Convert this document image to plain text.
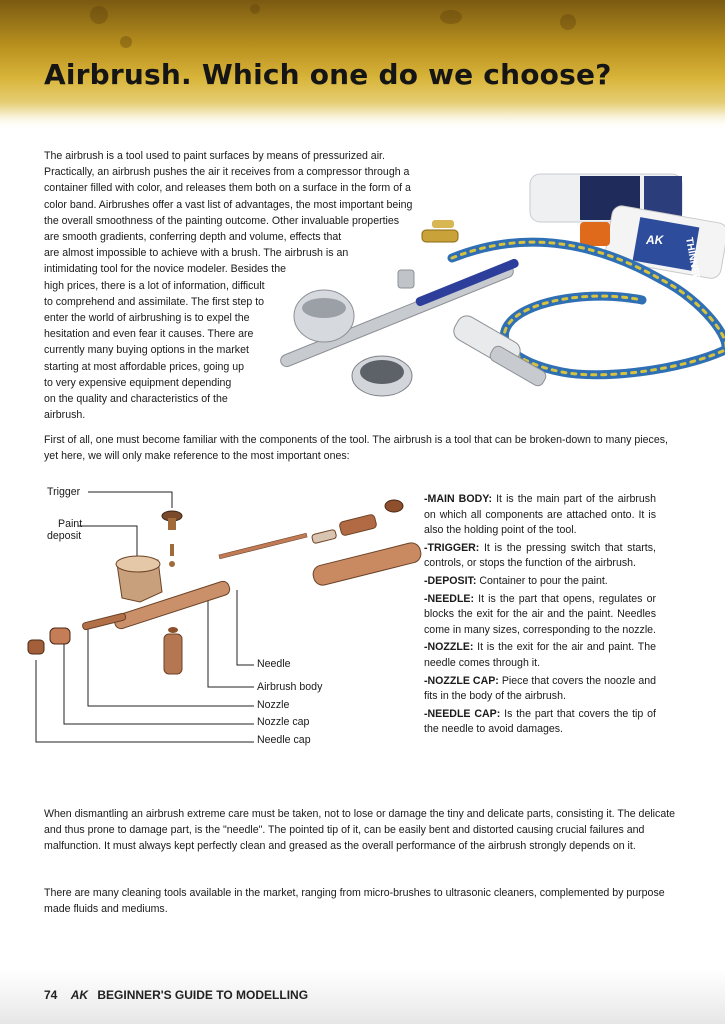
Airbrush. Which one do we choose?
The airbrush is a tool used to paint surfaces by means of pressurized air.
Practically, an airbrush pushes the air it receives from a compressor through a
container filled with color, and releases them both on a surface in the form of a
color band. Airbrushes offer a vast list of advantages, the most important being
the overall smoothness of the painting outcome. Other invaluable properties
are smooth gradients, conferring depth and volume, effects that
are almost impossible to achieve with a brush. The airbrush is an
intimidating tool for the novice modeler. Besides the
high prices, there is a lot of information, difficult
to comprehend and assimilate. The first step to
enter the world of airbrushing is to expel the
hesitation and even fear it causes. There are
currently many buying options in the market
starting at most affordable prices, going up
to very expensive equipment depending
on the quality and characteristics of the
airbrush.
THINNER
AK

First of all, one must become familiar with the components of the tool. The airbrush is a tool that can be broken-down to many pieces, yet here, we will only make reference to the most important ones:

Trigger
Paint
deposit
Needle
Airbrush body
Nozzle
Nozzle cap
Needle cap

-MAIN BODY: It is the main part of the airbrush on which all components are attached onto. It is also the holding point of the tool.

-TRIGGER: It is the pressing switch that starts, controls, or stops the function of the airbrush.

-DEPOSIT: Container to pour the paint.

-NEEDLE: It is the part that opens, regulates or blocks the exit for the air and the paint. Needles come in many sizes, corresponding to the nozzle.

-NOZZLE: It is the exit for the air and paint. The needle comes through it.

-NOZZLE CAP: Piece that covers the noozle and fits in the body of the airbrush.

-NEEDLE CAP: Is the part that covers the tip of the needle to avoid damages.

When dismantling an airbrush extreme care must be taken, not to lose or damage the tiny and delicate parts, consisting it. The delicate and thus prone to damage part, is the "needle". The pointed tip of it, can be easily bent and distorted causing crucial failures and malfunction. It must always kept perfectly clean and greased as the overall performance of the airbrush strongly depends on it.

There are many cleaning tools available in the market, ranging from micro-brushes to ultrasonic cleaners, complemented by purpose made fluids and mediums.

74 AK BEGINNER'S GUIDE TO MODELLING
